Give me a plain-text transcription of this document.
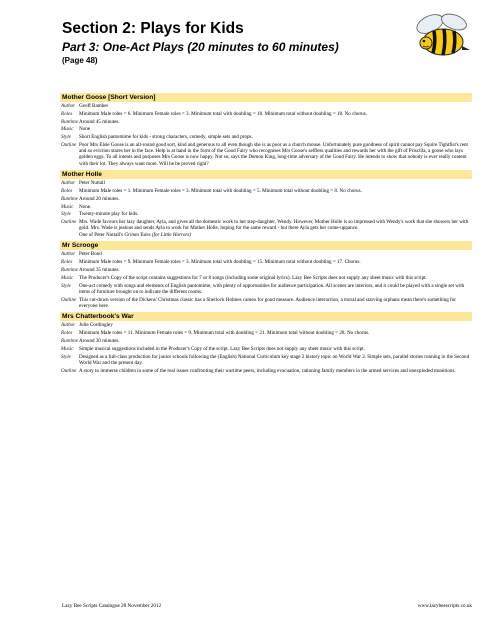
Section 2: Plays for Kids
Part 3: One-Act Plays (20 minutes to 60 minutes)
(Page 48)
Mother Goose [Short Version]
Author Geoff Bamber
Roles	Minimum Male roles = 6. Minimum Female roles = 3. Minimum total with doubling = 18. Minimum total without doubling = 18. No chorus.
Runtime Around 45 minutes.
Music	None
Style	Short English pantomime for kids - strong characters, comedy, simple sets and props.
Outline Poor Mrs Elsie Goose is an all-round good sort, kind and generous to all even though she is as poor as a church mouse. Unfortunately pure goodness of spirit cannot pay Squire Tightfist's rent and so eviction stares her in the face. Help is at hand in the form of the Good Fairy who recognises Mrs Goose's selfless qualities and rewards her with the gift of Priscilla, a goose who lays golden eggs. To all intents and purposes Mrs Goose is now happy. Not so, says the Demon King, long-time adversary of the Good Fairy. He intends to show that nobody is ever really content with their lot. They always want more. Will he be proved right?
Mother Holle
Author Peter Nuttall
Roles	Minimum Male roles = 1. Minimum Female roles = 3. Minimum total with doubling = 5. Minimum total without doubling = 8. No chorus.
Runtime Around 20 minutes.
Music	None.
Style	Twenty-minute play for kids.
Outline Mrs. Wade favours her lazy daughter, Ayla, and gives all the domestic work to her step-daughter, Wendy. However, Mother Holle is so impressed with Wendy's work that she showers her with gold. Mrs. Wade is jealous and sends Ayla to work for Mother Holle, hoping for the same reward - but there Ayla gets her come-uppance.
One of Peter Nuttall's Grimm Tales (for Little Horrors)
Mr Scrooge
Author Peter Bond
Roles	Minimum Male roles = 9. Minimum Female roles = 3. Minimum total with doubling = 15. Minimum total without doubling = 17. Chorus.
Runtime Around 35 minutes.
Music	The Producer's Copy of the script contains suggestions for 7 or 8 songs (including some original lyrics). Lazy Bee Scripts does not supply any sheet music with this script.
Style	One-act comedy with songs and elements of English pantomime, with plenty of opportunities for audience participation. All scenes are interiors, and it could be played with a single set with items of furniture brought on to indicate the different rooms.
Outline This cut-down version of the Dickens' Christmas classic has a Sherlock Holmes cameo for good measure. Audience interaction, a moral and starving orphans mean there's something for everyone here.
Mrs Chatterbook's War
Author Julie Cordingley
Roles	Minimum Male roles = 11. Minimum Female roles = 9. Minimum total with doubling = 21. Minimum total without doubling = 28. No chorus.
Runtime Around 30 minutes.
Music	Simple musical suggestions included in the Producer's Copy of the script. Lazy Bee Scripts does not supply any sheet music with this script.
Style	Designed as a full-class production for junior schools following the (English) National Curriculum key stage 2 history topic on World War 2. Simple sets, parallel stories running in the Second World War and the present day.
Outline A story to immerse children in some of the real issues confronting their wartime peers, including evacuation, rationing family members in the armed services and unexploded munitions.
Lazy Bee Scripts Catalogue 28 November 2012	www.lazybeescripts.co.uk
